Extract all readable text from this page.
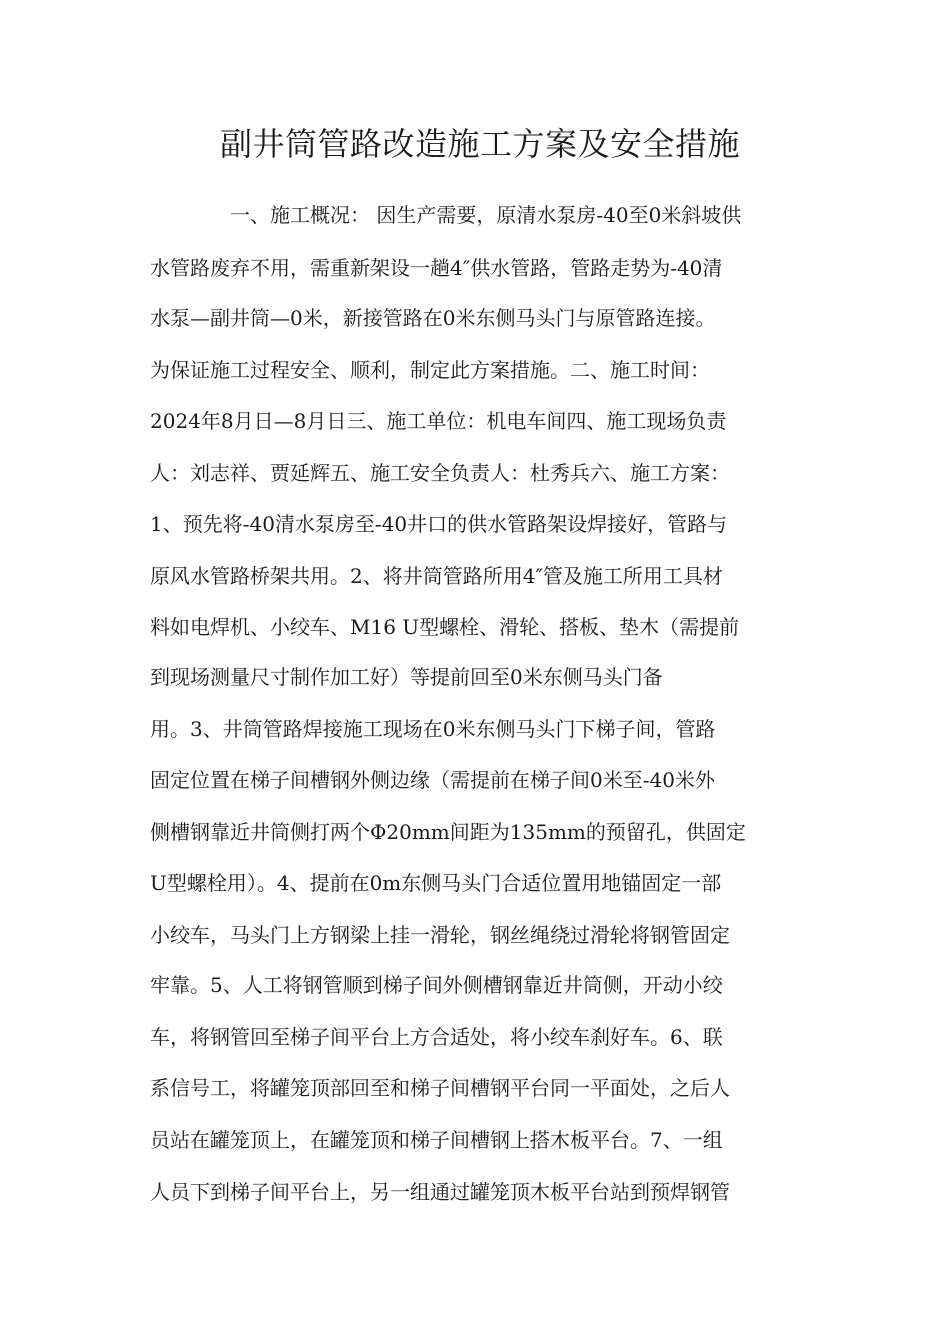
副井筒管路改造施工方案及安全措施

一、施工概况： 因生产需要，原清水泵房-40至0米斜坡供

水管路废弃不用，需重新架设一趟4″供水管路，管路走势为-40清

水泵—副井筒—0米，新接管路在0米东侧马头门与原管路连接。

为保证施工过程安全、顺利，制定此方案措施。二、施工时间：

2024年8月日—8月日三、施工单位：机电车间四、施工现场负责

人：刘志祥、贾延辉五、施工安全负责人：杜秀兵六、施工方案：

1、预先将-40清水泵房至-40井口的供水管路架设焊接好，管路与

原风水管路桥架共用。2、将井筒管路所用4″管及施工所用工具材

料如电焊机、小绞车、M16 U型螺栓、滑轮、搭板、垫木（需提前

到现场测量尺寸制作加工好）等提前回至0米东侧马头门备

用。3、井筒管路焊接施工现场在0米东侧马头门下梯子间，管路

固定位置在梯子间槽钢外侧边缘（需提前在梯子间0米至-40米外

侧槽钢靠近井筒侧打两个Φ20mm间距为135mm的预留孔，供固定

U型螺栓用）。4、提前在0m东侧马头门合适位置用地锚固定一部

小绞车，马头门上方钢梁上挂一滑轮，钢丝绳绕过滑轮将钢管固定

牢靠。5、人工将钢管顺到梯子间外侧槽钢靠近井筒侧，开动小绞

车，将钢管回至梯子间平台上方合适处，将小绞车刹好车。6、联

系信号工，将罐笼顶部回至和梯子间槽钢平台同一平面处，之后人

员站在罐笼顶上，在罐笼顶和梯子间槽钢上搭木板平台。7、一组

人员下到梯子间平台上，另一组通过罐笼顶木板平台站到预焊钢管
